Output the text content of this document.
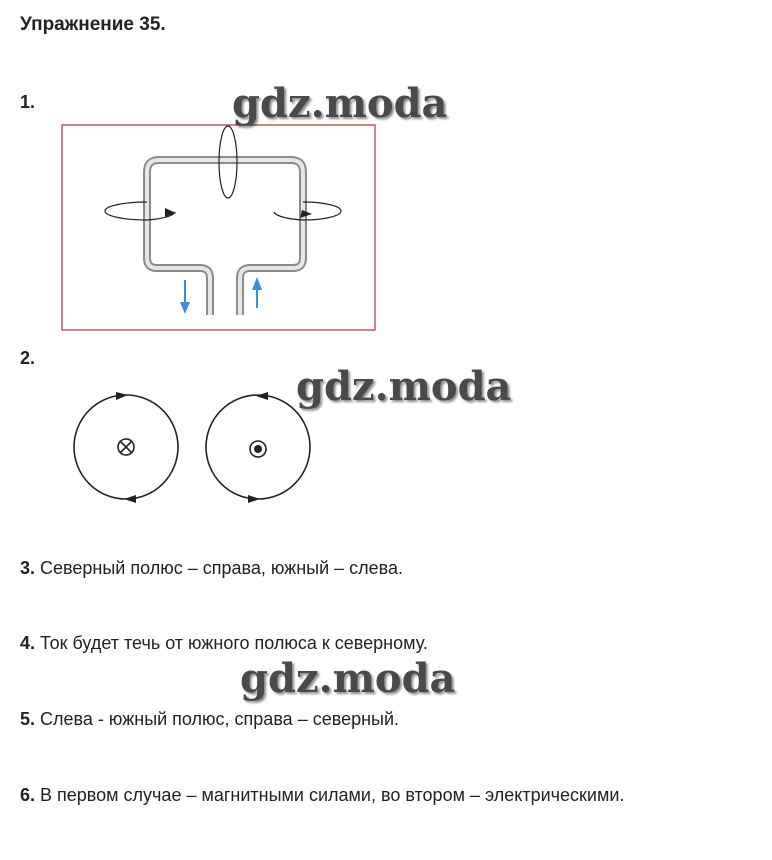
Упражнение 35.
1.
2.
3. Северный полюс – справа, южный – слева.
4. Ток будет течь от южного полюса к северному.
5. Слева - южный полюс, справа – северный.
6. В первом случае – магнитными силами, во втором – электрическими.
gdz.moda
gdz.moda
gdz.moda
